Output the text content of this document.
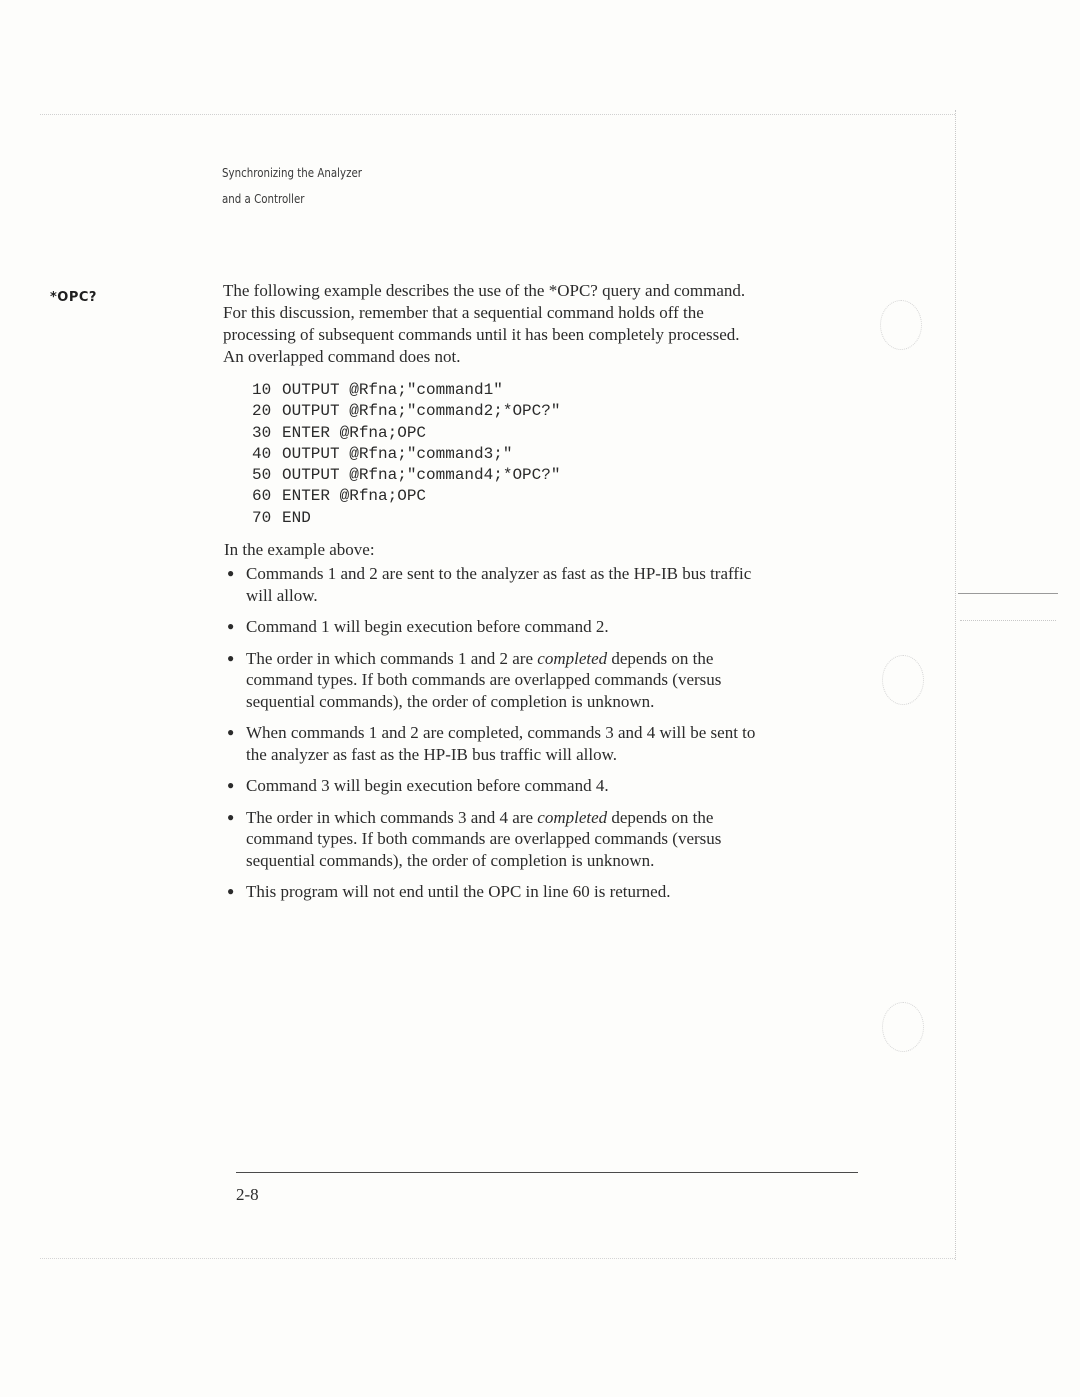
Synchronizing the Analyzer
and a Controller
*OPC?	The following example describes the use of the *OPC? query and command.

For this discussion, remember that a sequential command holds off the

processing of subsequent commands until it has been completely processed.

An overlapped command does not.

10 OUTPUT @Rfna;"command1"
20 OUTPUT @Rfna;"command2;*OPC?"
30 ENTER @Rfna;OPC
40 OUTPUT @Rfna;"command3;"
50 OUTPUT @Rfna;"command4;*OPC?"
60 ENTER @Rfna;OPC
70 END
In the example above:
● Commands 1 and 2 are sent to the analyzer as fast as the HP-IB bus traffic
will allow.
● Command 1 will begin execution before command 2.
● The order in which commands 1 and 2 are completed depends on the
command types. If both commands are overlapped commands (versus
sequential commands), the order of completion is unknown.
● When commands 1 and 2 are completed, commands 3 and 4 will be sent to
the analyzer as fast as the HP-IB bus traffic will allow.
● Command 3 will begin execution before command 4.
● The order in which commands 3 and 4 are completed depends on the
command types. If both commands are overlapped commands (versus
sequential commands), the order of completion is unknown.
● This program will not end until the OPC in line 60 is returned.
2-8
